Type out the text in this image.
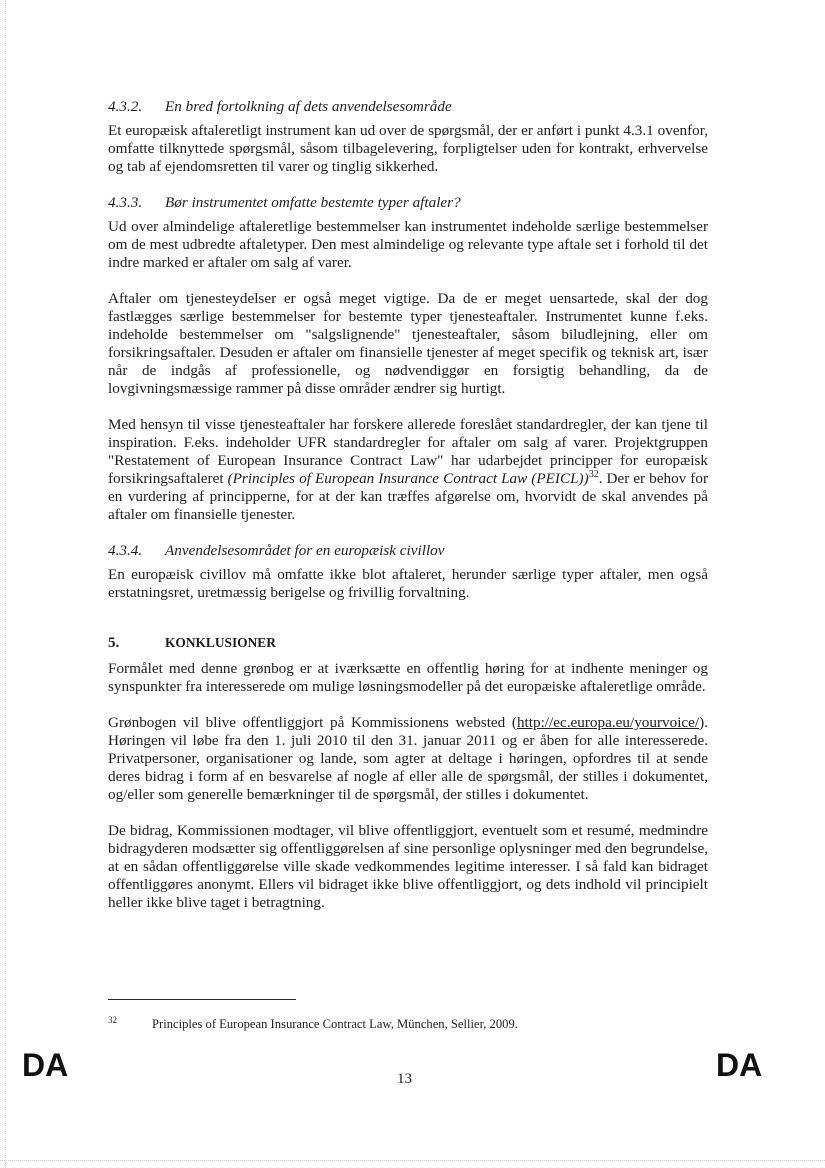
4.3.2. En bred fortolkning af dets anvendelsesområde

Et europæisk aftaleretligt instrument kan ud over de spørgsmål, der er anført i punkt 4.3.1 ovenfor, omfatte tilknyttede spørgsmål, såsom tilbagelevering, forpligtelser uden for kontrakt, erhvervelse og tab af ejendomsretten til varer og tinglig sikkerhed.

4.3.3. Bør instrumentet omfatte bestemte typer aftaler?

Ud over almindelige aftaleretlige bestemmelser kan instrumentet indeholde særlige bestemmelser om de mest udbredte aftaletyper. Den mest almindelige og relevante type aftale set i forhold til det indre marked er aftaler om salg af varer.

Aftaler om tjenesteydelser er også meget vigtige. Da de er meget uensartede, skal der dog fastlægges særlige bestemmelser for bestemte typer tjenesteaftaler. Instrumentet kunne f.eks. indeholde bestemmelser om "salgslignende" tjenesteaftaler, såsom biludlejning, eller om forsikringsaftaler. Desuden er aftaler om finansielle tjenester af meget specifik og teknisk art, især når de indgås af professionelle, og nødvendiggør en forsigtig behandling, da de lovgivningsmæssige rammer på disse områder ændrer sig hurtigt.

Med hensyn til visse tjenesteaftaler har forskere allerede foreslået standardregler, der kan tjene til inspiration. F.eks. indeholder UFR standardregler for aftaler om salg af varer. Projektgruppen "Restatement of European Insurance Contract Law" har udarbejdet principper for europæisk forsikringsaftaleret (Principles of European Insurance Contract Law (PEICL))$^{32}$. Der er behov for en vurdering af principperne, for at der kan træffes afgørelse om, hvorvidt de skal anvendes på aftaler om finansielle tjenester.

4.3.4. Anvendelsesområdet for en europæisk civillov

En europæisk civillov må omfatte ikke blot aftaleret, herunder særlige typer aftaler, men også erstatningsret, uretmæssig berigelse og frivillig forvaltning.

5.	KONKLUSIONER

Formålet med denne grønbog er at iværksætte en offentlig høring for at indhente meninger og synspunkter fra interesserede om mulige løsningsmodeller på det europæiske aftaleretlige område.

Grønbogen vil blive offentliggjort på Kommissionens websted (http://ec.europa.eu/yourvoice/). Høringen vil løbe fra den 1. juli 2010 til den 31. januar 2011 og er åben for alle interesserede. Privatpersoner, organisationer og lande, som agter at deltage i høringen, opfordres til at sende deres bidrag i form af en besvarelse af nogle af eller alle de spørgsmål, der stilles i dokumentet, og/eller som generelle bemærkninger til de spørgsmål, der stilles i dokumentet.

De bidrag, Kommissionen modtager, vil blive offentliggjort, eventuelt som et resumé, medmindre bidragyderen modsætter sig offentliggørelsen af sine personlige oplysninger med den begrundelse, at en sådan offentliggørelse ville skade vedkommendes legitime interesser. I så fald kan bidraget offentliggøres anonymt. Ellers vil bidraget ikke blive offentliggjort, og dets indhold vil principielt heller ikke blive taget i betragtning.

32	Principles of European Insurance Contract Law, München, Sellier, 2009.
DA	13	DA
